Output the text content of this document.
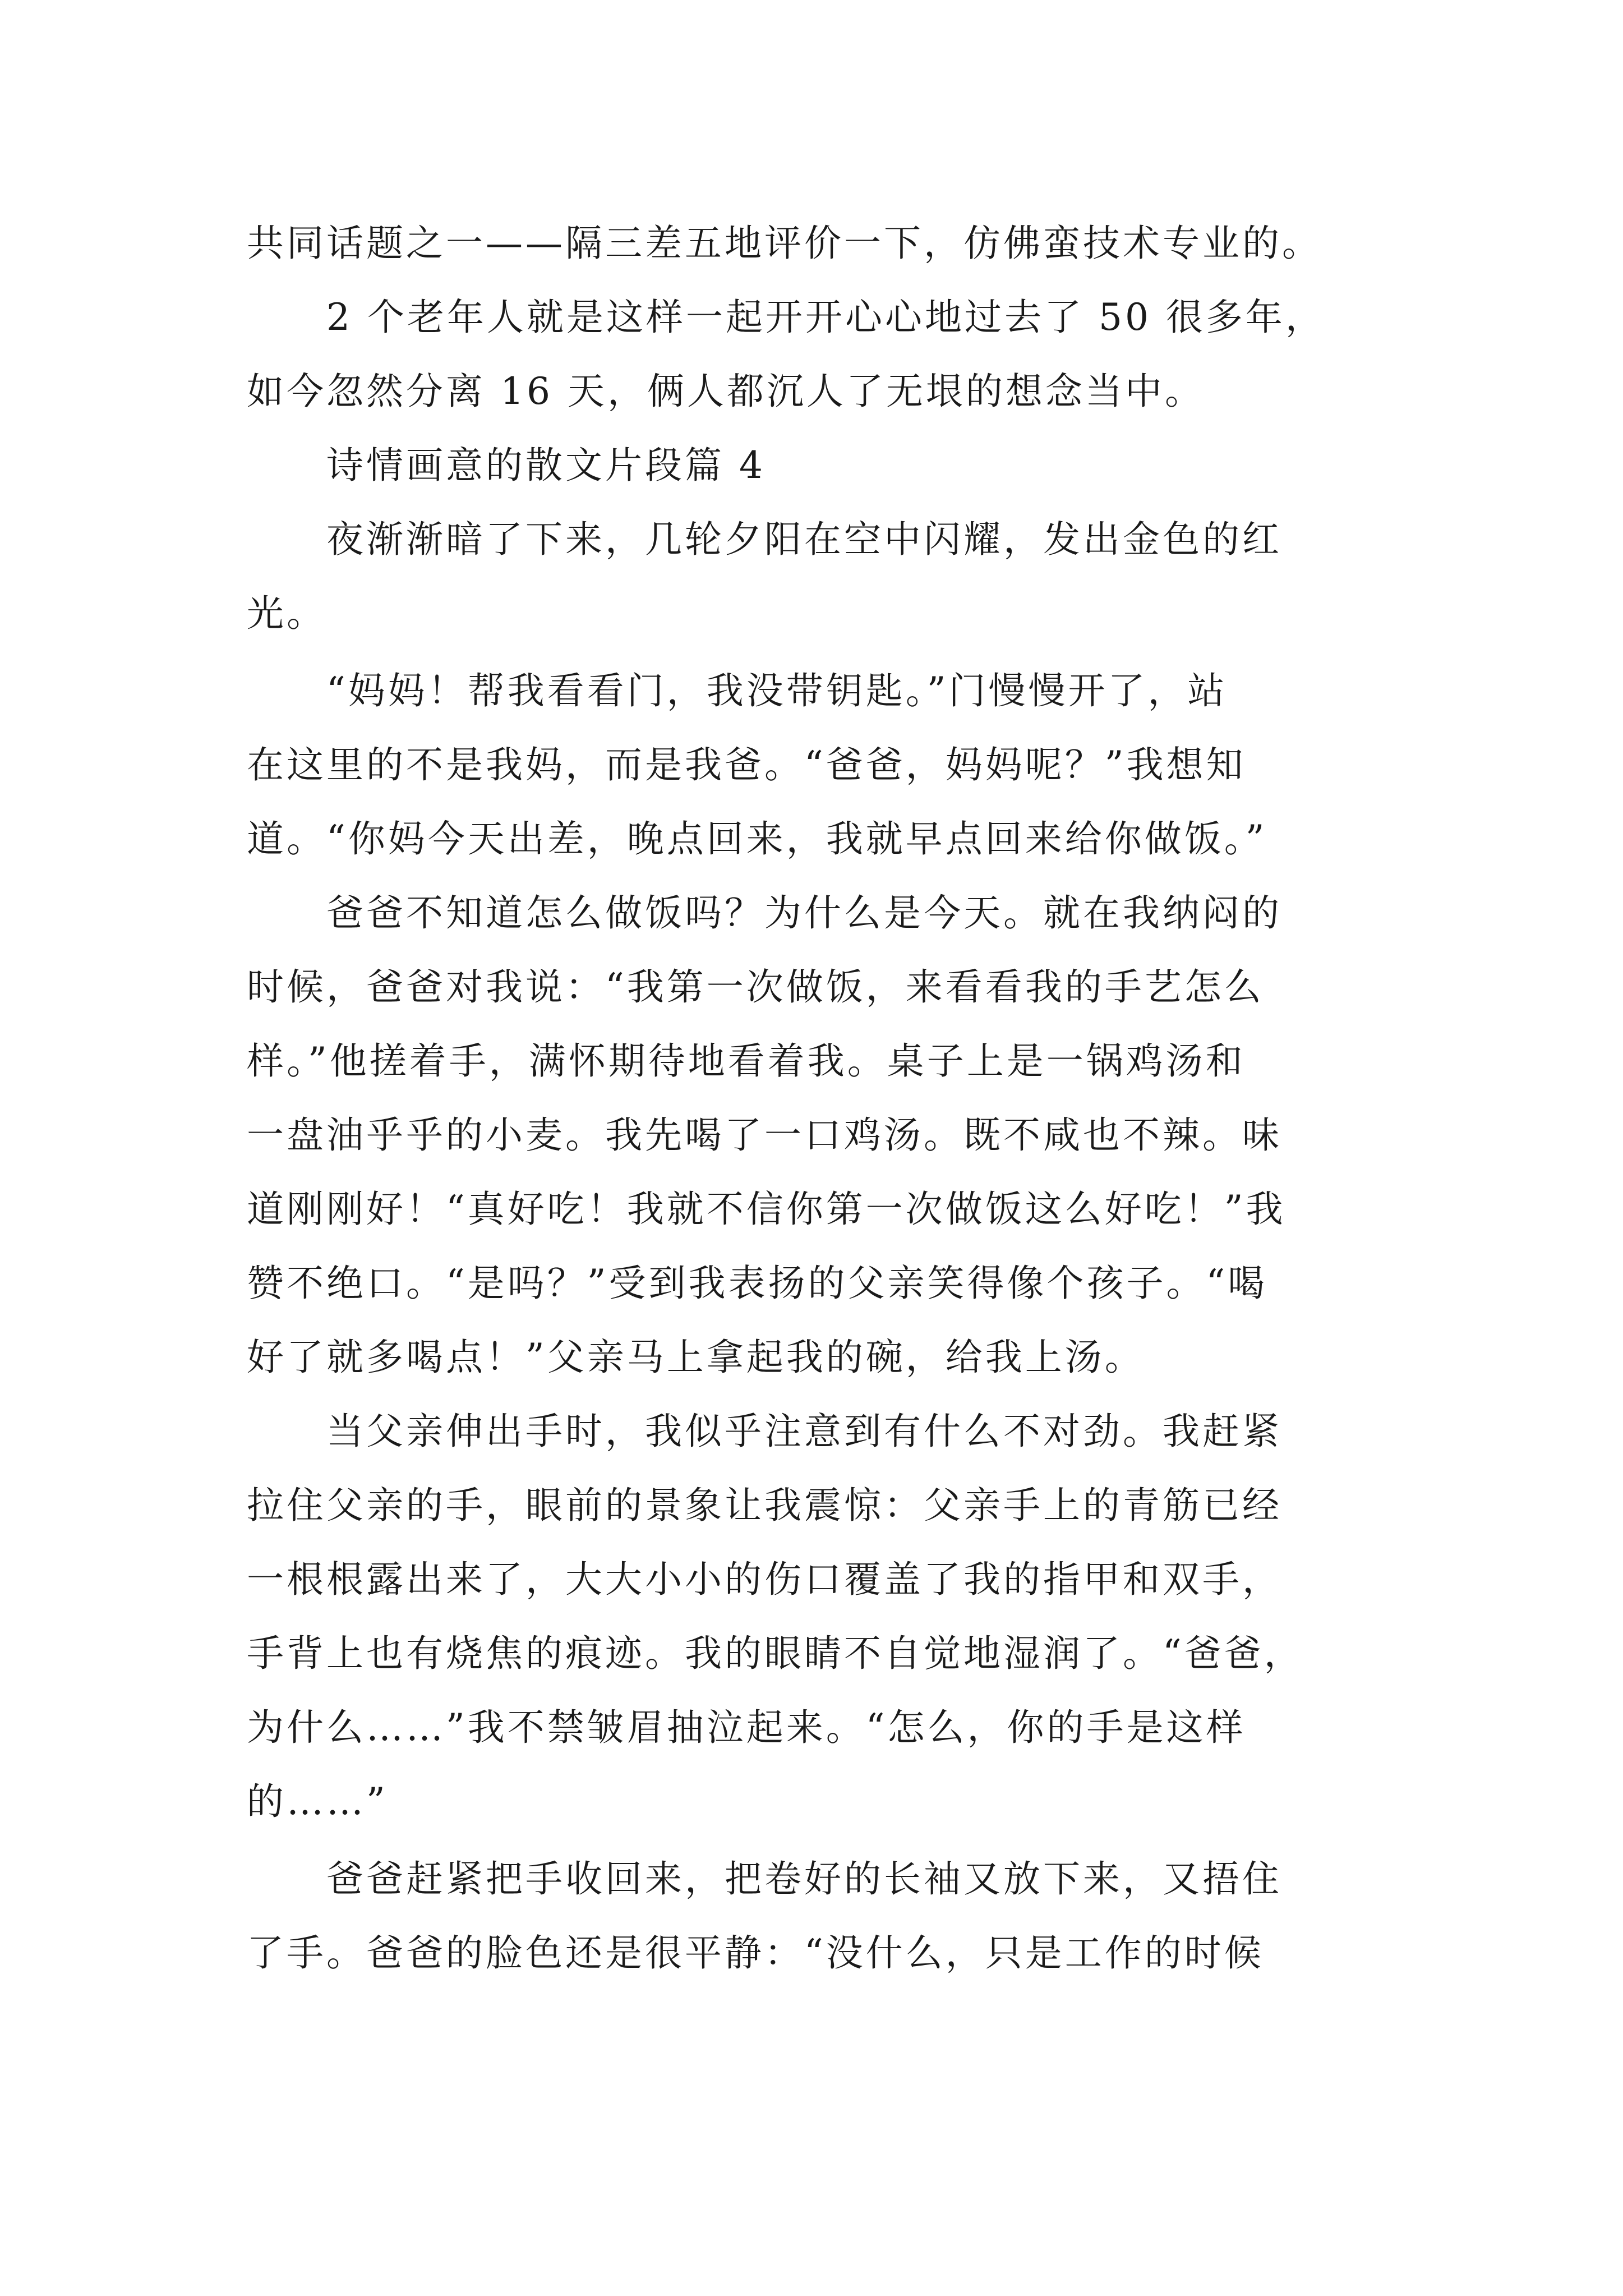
共同话题之一——隔三差五地评价一下，仿佛蛮技术专业的。
2 个老年人就是这样一起开开心心地过去了 50 很多年，
如今忽然分离 16 天，俩人都沉人了无垠的想念当中。
诗情画意的散文片段篇 4
夜渐渐暗了下来，几轮夕阳在空中闪耀，发出金色的红
光。
“妈妈！帮我看看门，我没带钥匙。”门慢慢开了，站
在这里的不是我妈，而是我爸。“爸爸，妈妈呢？”我想知
道。“你妈今天出差，晚点回来，我就早点回来给你做饭。”
爸爸不知道怎么做饭吗？为什么是今天。就在我纳闷的
时候，爸爸对我说：“我第一次做饭，来看看我的手艺怎么
样。”他搓着手，满怀期待地看着我。桌子上是一锅鸡汤和
一盘油乎乎的小麦。我先喝了一口鸡汤。既不咸也不辣。味
道刚刚好！“真好吃！我就不信你第一次做饭这么好吃！”我
赞不绝口。“是吗？”受到我表扬的父亲笑得像个孩子。“喝
好了就多喝点！”父亲马上拿起我的碗，给我上汤。
当父亲伸出手时，我似乎注意到有什么不对劲。我赶紧
拉住父亲的手，眼前的景象让我震惊：父亲手上的青筋已经
一根根露出来了，大大小小的伤口覆盖了我的指甲和双手，
手背上也有烧焦的痕迹。我的眼睛不自觉地湿润了。“爸爸，
为什么……”我不禁皱眉抽泣起来。“怎么，你的手是这样
的……”
爸爸赶紧把手收回来，把卷好的长袖又放下来，又捂住
了手。爸爸的脸色还是很平静：“没什么，只是工作的时候
